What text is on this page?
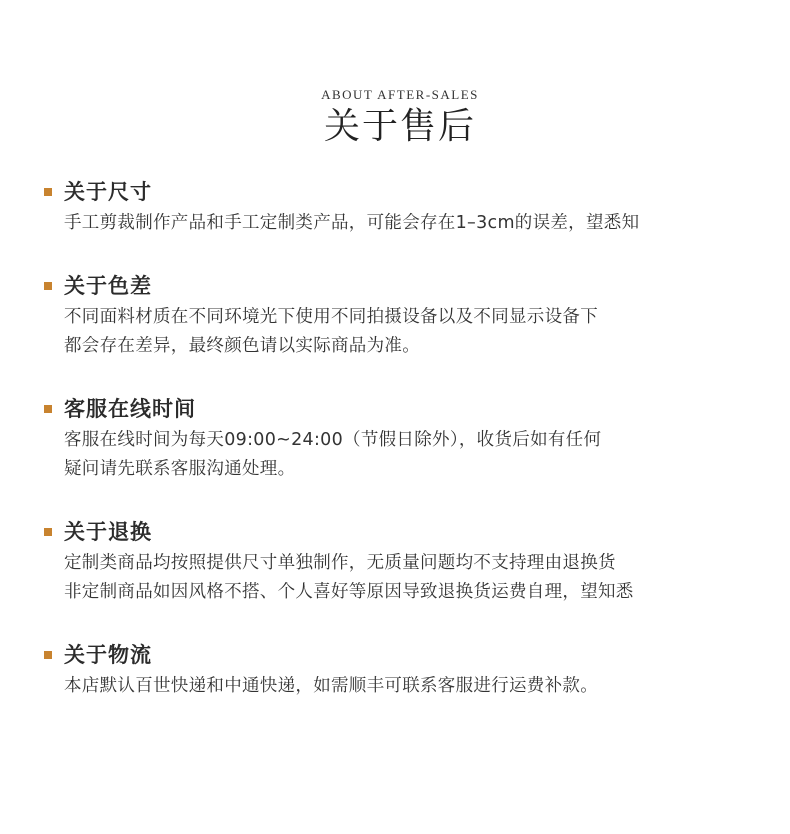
ABOUT AFTER-SALES
关于售后
关于尺寸
手工剪裁制作产品和手工定制类产品，可能会存在1–3cm的误差，望悉知
关于色差
不同面料材质在不同环境光下使用不同拍摄设备以及不同显示设备下
都会存在差异，最终颜色请以实际商品为准。
客服在线时间
客服在线时间为每天09:00~24:00（节假日除外），收货后如有任何
疑问请先联系客服沟通处理。
关于退换
定制类商品均按照提供尺寸单独制作，无质量问题均不支持理由退换货
非定制商品如因风格不搭、个人喜好等原因导致退换货运费自理，望知悉
关于物流
本店默认百世快递和中通快递，如需顺丰可联系客服进行运费补款。
